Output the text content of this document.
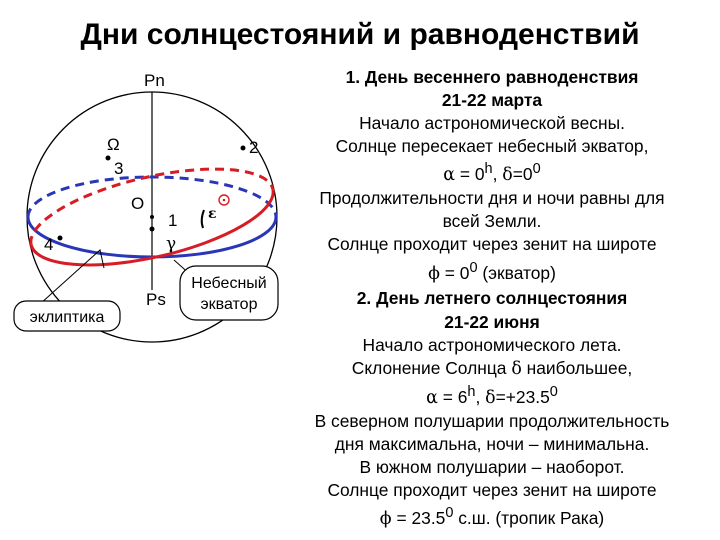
Дни солнцестояний и равноденствий
Pn
Ps
O
Ω
3
2
1
4	γ
ε
эклиптика
Небесный
экватор
1. День весеннего равноденствия
21-22 марта
Начало астрономической весны.
Солнце пересекает небесный экватор,
$\alpha = 0^h$, $\delta=0^0$
Продолжительности дня и ночи равны для
всей Земли.
Солнце проходит через зенит на широте
$\phi = 0^0$ (экватор)
2. День летнего солнцестояния
21-22 июня
Начало астрономического лета.
Склонение Солнца δ наибольшее,
$\alpha = 6^h$, $\delta=+23.5^0$
В северном полушарии продолжительность
дня максимальна, ночи – минимальна.
В южном полушарии – наоборот.
Солнце проходит через зенит на широте
$\phi = 23.5^0$ с.ш. (тропик Рака)
